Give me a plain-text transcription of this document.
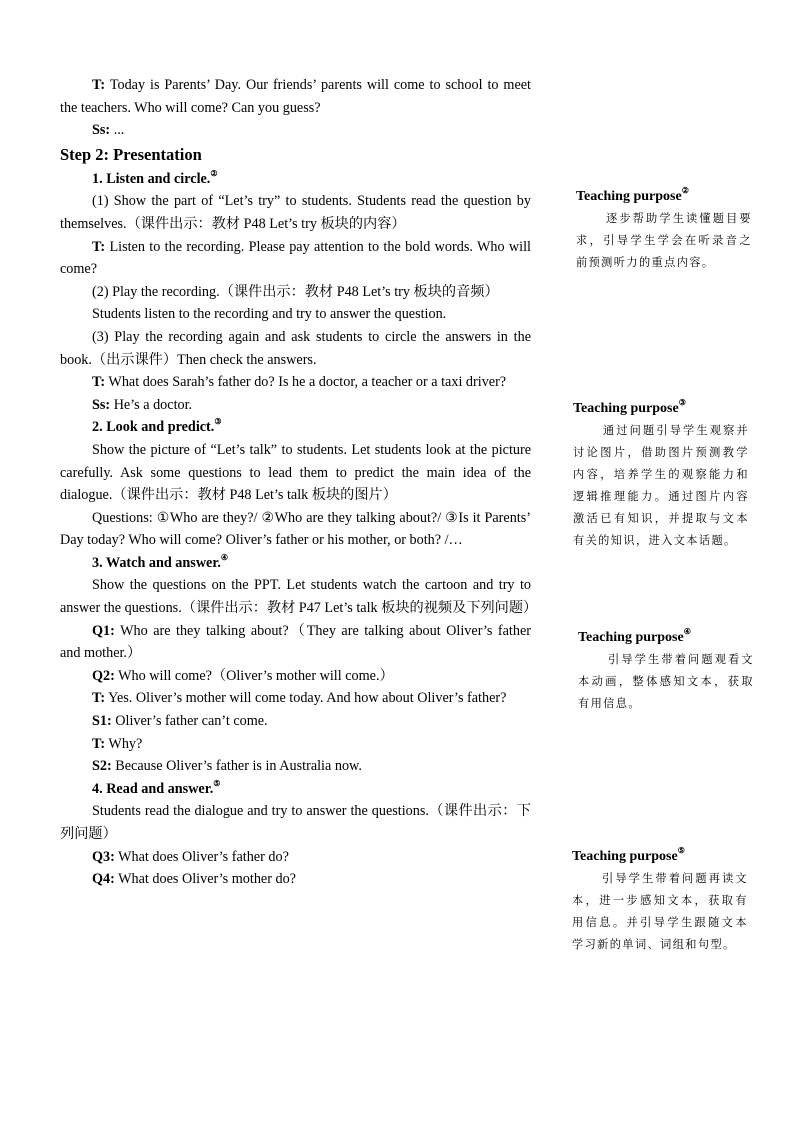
T: Today is Parents’ Day. Our friends’ parents will come to school to meet the teachers. Who will come? Can you guess?

Ss: ...

Step 2: Presentation

1. Listen and circle.②

(1) Show the part of “Let’s try” to students. Students read the question by themselves.（课件出示：教材 P48 Let’s try 板块的内容）

T: Listen to the recording. Please pay attention to the bold words. Who will come?

(2) Play the recording.（课件出示：教材 P48 Let’s try 板块的音频）

Students listen to the recording and try to answer the question.

(3) Play the recording again and ask students to circle the answers in the book.（出示课件）Then check the answers.

T: What does Sarah’s father do? Is he a doctor, a teacher or a taxi driver?

Ss: He’s a doctor.

2. Look and predict.③

Show the picture of “Let’s talk” to students. Let students look at the picture carefully. Ask some questions to lead them to predict the main idea of the dialogue.（课件出示：教材 P48 Let’s talk 板块的图片）

Questions: ①Who are they?/ ②Who are they talking about?/ ③Is it Parents’ Day today? Who will come? Oliver’s father or his mother, or both? /…

3. Watch and answer.④

Show the questions on the PPT. Let students watch the cartoon and try to answer the questions.（课件出示：教材 P47 Let’s talk 板块的视频及下列问题）

Q1: Who are they talking about?（They are talking about Oliver’s father and mother.）

Q2: Who will come?（Oliver’s mother will come.）

T: Yes. Oliver’s mother will come today. And how about Oliver’s father?

S1: Oliver’s father can’t come.

T: Why?

S2: Because Oliver’s father is in Australia now.

4. Read and answer.⑤

Students read the dialogue and try to answer the questions.（课件出示：下列问题）

Q3: What does Oliver’s father do?

Q4: What does Oliver’s mother do?

Teaching purpose②

逐步帮助学生读懂题目要求，引导学生学会在听录音之前预测听力的重点内容。

Teaching purpose③

通过问题引导学生观察并讨论图片，借助图片预测教学内容，培养学生的观察能力和逻辑推理能力。通过图片内容激活已有知识，并提取与文本有关的知识，进入文本话题。

Teaching purpose④

引导学生带着问题观看文本动画，整体感知文本，获取有用信息。

Teaching purpose⑤

引导学生带着问题再读文本，进一步感知文本，获取有用信息。并引导学生跟随文本学习新的单词、词组和句型。
